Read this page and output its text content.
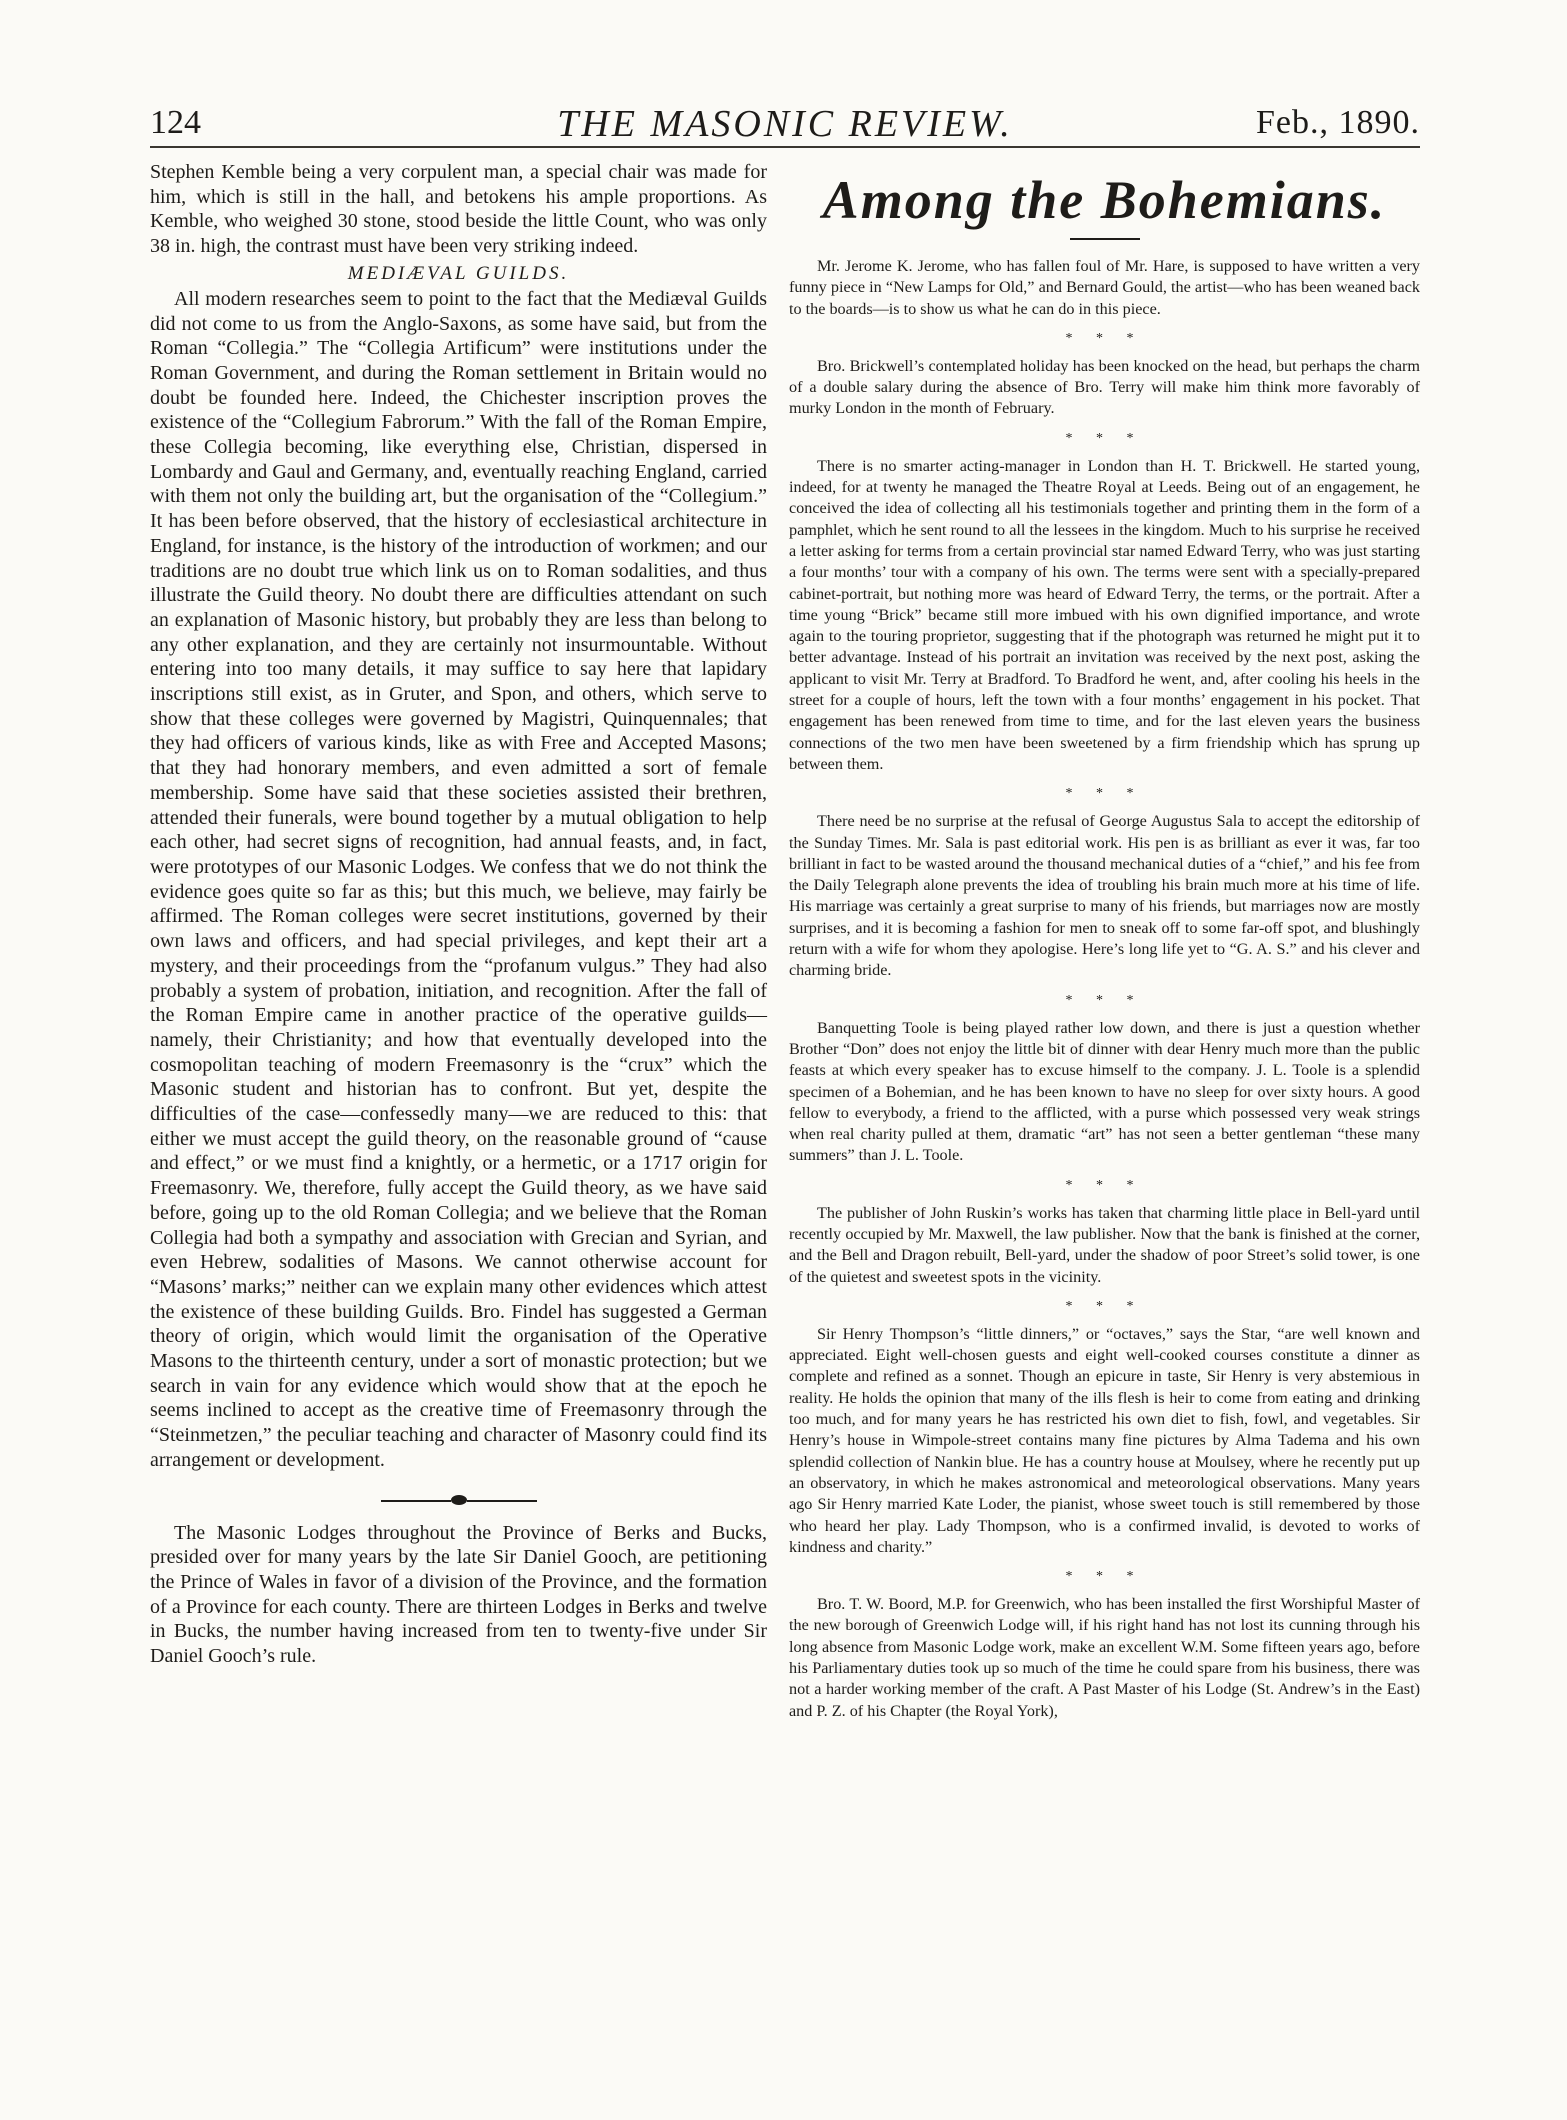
124	THE MASONIC REVIEW.	Feb., 1890.

Stephen Kemble being a very corpulent man, a special chair was made for him, which is still in the hall, and betokens his ample proportions. As Kemble, who weighed 30 stone, stood beside the little Count, who was only 38 in. high, the contrast must have been very striking indeed.

MEDIÆVAL GUILDS.

All modern researches seem to point to the fact that the Mediæval Guilds did not come to us from the Anglo-Saxons, as some have said, but from the Roman “Collegia.” The “Collegia Artificum” were institutions under the Roman Government, and during the Roman settlement in Britain would no doubt be founded here. Indeed, the Chichester inscription proves the existence of the “Collegium Fabrorum.” With the fall of the Roman Empire, these Collegia becoming, like everything else, Christian, dispersed in Lombardy and Gaul and Germany, and, eventually reaching England, carried with them not only the building art, but the organisation of the “Collegium.” It has been before observed, that the history of ecclesiastical architecture in England, for instance, is the history of the introduction of workmen; and our traditions are no doubt true which link us on to Roman sodalities, and thus illustrate the Guild theory. No doubt there are difficulties attendant on such an explanation of Masonic history, but probably they are less than belong to any other explanation, and they are certainly not insurmountable. Without entering into too many details, it may suffice to say here that lapidary inscriptions still exist, as in Gruter, and Spon, and others, which serve to show that these colleges were governed by Magistri, Quinquennales; that they had officers of various kinds, like as with Free and Accepted Masons; that they had honorary members, and even admitted a sort of female membership. Some have said that these societies assisted their brethren, attended their funerals, were bound together by a mutual obligation to help each other, had secret signs of recognition, had annual feasts, and, in fact, were prototypes of our Masonic Lodges. We confess that we do not think the evidence goes quite so far as this; but this much, we believe, may fairly be affirmed. The Roman colleges were secret institutions, governed by their own laws and officers, and had special privileges, and kept their art a mystery, and their proceedings from the “profanum vulgus.” They had also probably a system of probation, initiation, and recognition. After the fall of the Roman Empire came in another practice of the operative guilds—namely, their Christianity; and how that eventually developed into the cosmopolitan teaching of modern Freemasonry is the “crux” which the Masonic student and historian has to confront. But yet, despite the difficulties of the case—confessedly many—we are reduced to this: that either we must accept the guild theory, on the reasonable ground of “cause and effect,” or we must find a knightly, or a hermetic, or a 1717 origin for Freemasonry. We, therefore, fully accept the Guild theory, as we have said before, going up to the old Roman Collegia; and we believe that the Roman Collegia had both a sympathy and association with Grecian and Syrian, and even Hebrew, sodalities of Masons. We cannot otherwise account for “Masons’ marks;” neither can we explain many other evidences which attest the existence of these building Guilds. Bro. Findel has suggested a German theory of origin, which would limit the organisation of the Operative Masons to the thirteenth century, under a sort of monastic protection; but we search in vain for any evidence which would show that at the epoch he seems inclined to accept as the creative time of Freemasonry through the “Steinmetzen,” the peculiar teaching and character of Masonry could find its arrangement or development.

The Masonic Lodges throughout the Province of Berks and Bucks, presided over for many years by the late Sir Daniel Gooch, are petitioning the Prince of Wales in favor of a division of the Province, and the formation of a Province for each county. There are thirteen Lodges in Berks and twelve in Bucks, the number having increased from ten to twenty-five under Sir Daniel Gooch’s rule.

Among the Bohemians.

Mr. Jerome K. Jerome, who has fallen foul of Mr. Hare, is supposed to have written a very funny piece in “New Lamps for Old,” and Bernard Gould, the artist—who has been weaned back to the boards—is to show us what he can do in this piece.

* * *

Bro. Brickwell’s contemplated holiday has been knocked on the head, but perhaps the charm of a double salary during the absence of Bro. Terry will make him think more favorably of murky London in the month of February.

* * *

There is no smarter acting-manager in London than H. T. Brickwell. He started young, indeed, for at twenty he managed the Theatre Royal at Leeds. Being out of an engagement, he conceived the idea of collecting all his testimonials together and printing them in the form of a pamphlet, which he sent round to all the lessees in the kingdom. Much to his surprise he received a letter asking for terms from a certain provincial star named Edward Terry, who was just starting a four months’ tour with a company of his own. The terms were sent with a specially-prepared cabinet-portrait, but nothing more was heard of Edward Terry, the terms, or the portrait. After a time young “Brick” became still more imbued with his own dignified importance, and wrote again to the touring proprietor, suggesting that if the photograph was returned he might put it to better advantage. Instead of his portrait an invitation was received by the next post, asking the applicant to visit Mr. Terry at Bradford. To Bradford he went, and, after cooling his heels in the street for a couple of hours, left the town with a four months’ engagement in his pocket. That engagement has been renewed from time to time, and for the last eleven years the business connections of the two men have been sweetened by a firm friendship which has sprung up between them.

* * *

There need be no surprise at the refusal of George Augustus Sala to accept the editorship of the Sunday Times. Mr. Sala is past editorial work. His pen is as brilliant as ever it was, far too brilliant in fact to be wasted around the thousand mechanical duties of a “chief,” and his fee from the Daily Telegraph alone prevents the idea of troubling his brain much more at his time of life. His marriage was certainly a great surprise to many of his friends, but marriages now are mostly surprises, and it is becoming a fashion for men to sneak off to some far-off spot, and blushingly return with a wife for whom they apologise. Here’s long life yet to “G. A. S.” and his clever and charming bride.

* * *

Banquetting Toole is being played rather low down, and there is just a question whether Brother “Don” does not enjoy the little bit of dinner with dear Henry much more than the public feasts at which every speaker has to excuse himself to the company. J. L. Toole is a splendid specimen of a Bohemian, and he has been known to have no sleep for over sixty hours. A good fellow to everybody, a friend to the afflicted, with a purse which possessed very weak strings when real charity pulled at them, dramatic “art” has not seen a better gentleman “these many summers” than J. L. Toole.

* * *

The publisher of John Ruskin’s works has taken that charming little place in Bell-yard until recently occupied by Mr. Maxwell, the law publisher. Now that the bank is finished at the corner, and the Bell and Dragon rebuilt, Bell-yard, under the shadow of poor Street’s solid tower, is one of the quietest and sweetest spots in the vicinity.

* * *

Sir Henry Thompson’s “little dinners,” or “octaves,” says the Star, “are well known and appreciated. Eight well-chosen guests and eight well-cooked courses constitute a dinner as complete and refined as a sonnet. Though an epicure in taste, Sir Henry is very abstemious in reality. He holds the opinion that many of the ills flesh is heir to come from eating and drinking too much, and for many years he has restricted his own diet to fish, fowl, and vegetables. Sir Henry’s house in Wimpole-street contains many fine pictures by Alma Tadema and his own splendid collection of Nankin blue. He has a country house at Moulsey, where he recently put up an observatory, in which he makes astronomical and meteorological observations. Many years ago Sir Henry married Kate Loder, the pianist, whose sweet touch is still remembered by those who heard her play. Lady Thompson, who is a confirmed invalid, is devoted to works of kindness and charity.”

* * *

Bro. T. W. Boord, M.P. for Greenwich, who has been installed the first Worshipful Master of the new borough of Greenwich Lodge will, if his right hand has not lost its cunning through his long absence from Masonic Lodge work, make an excellent W.M. Some fifteen years ago, before his Parliamentary duties took up so much of the time he could spare from his business, there was not a harder working member of the craft. A Past Master of his Lodge (St. Andrew’s in the East) and P. Z. of his Chapter (the Royal York),
